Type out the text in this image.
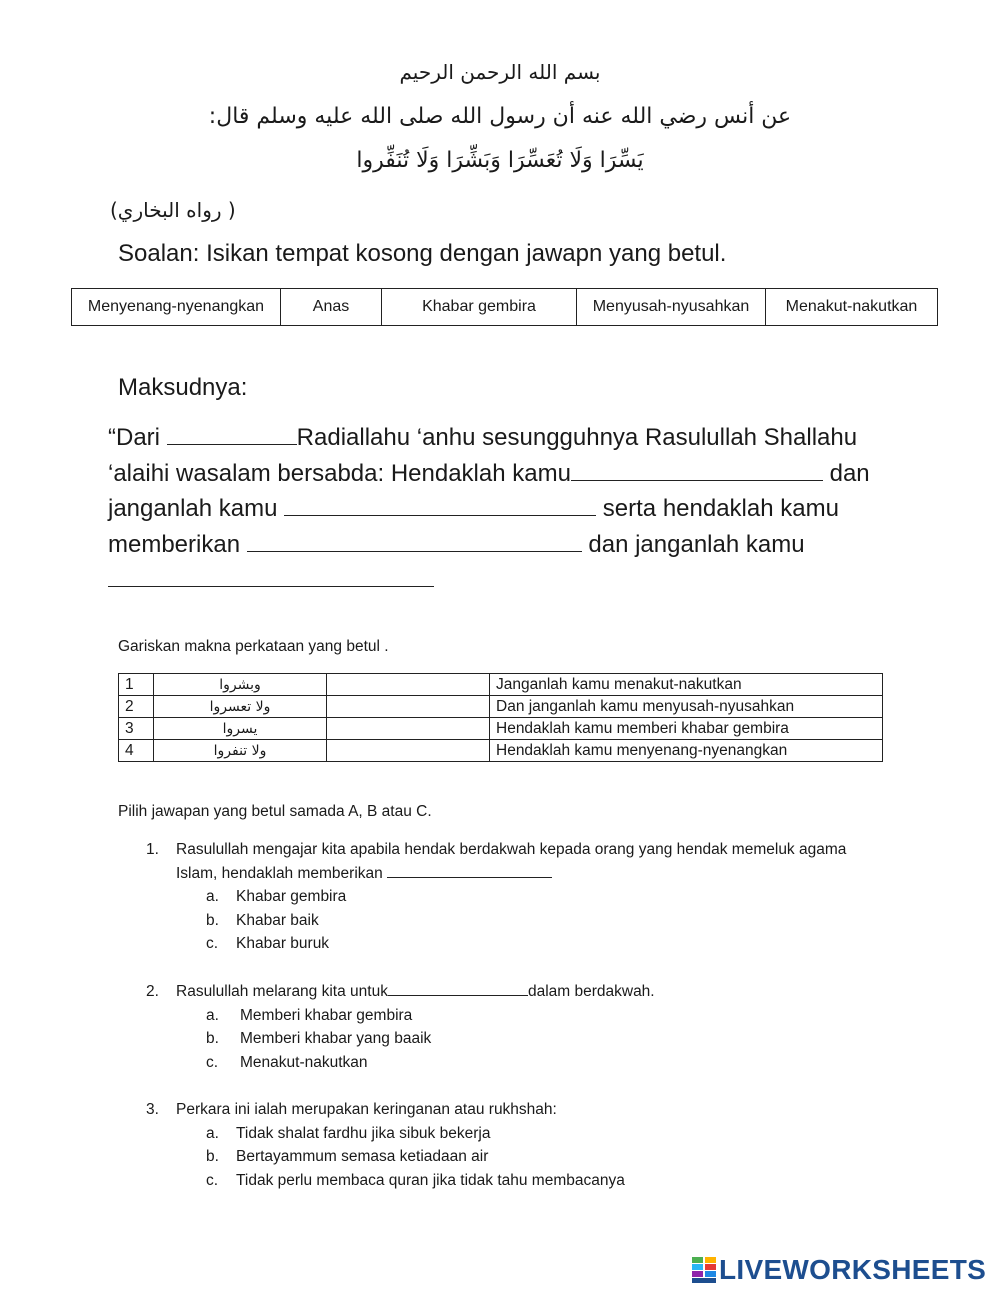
بسم الله الرحمن الرحيم
عن أنس رضي الله عنه أن رسول الله صلى الله عليه وسلم قال:
يَسِّرَا وَلَا تُعَسِّرَا وَبَشِّرَا وَلَا تُنَفِّروا
( رواه البخاري)
Soalan: Isikan tempat kosong dengan jawapn yang betul.
Menyenang-nyenangkan	Anas	Khabar gembira	Menyusah-nyusahkan	Menakut-nakutkan
Maksudnya:
“Dari	Radiallahu ‘anhu sesungguhnya Rasulullah Shallahu
‘alaihi wasalam bersabda: Hendaklah kamu	dan
janganlah kamu	serta hendaklah kamu
memberikan	dan janganlah kamu
Gariskan makna perkataan yang betul .
1	وبشروا		Janganlah kamu menakut-nakutkan
2	ولا تعسروا		Dan janganlah kamu menyusah-nyusahkan
3	يسروا		Hendaklah kamu memberi khabar gembira
4	ولا تنفروا		Hendaklah kamu menyenang-nyenangkan
Pilih jawapan yang betul samada A, B atau C.
1.	Rasulullah mengajar kita apabila hendak berdakwah kepada orang yang hendak memeluk agama
Islam, hendaklah memberikan
a. Khabar gembira
b. Khabar baik
c. Khabar buruk
2.	Rasulullah melarang kita untuk	dalam berdakwah.
a. Memberi khabar gembira
b. Memberi khabar yang baaik
c. Menakut-nakutkan
3.	Perkara ini ialah merupakan keringanan atau rukhshah:
a. Tidak shalat fardhu jika sibuk bekerja
b. Bertayammum semasa ketiadaan air
c. Tidak perlu membaca quran jika tidak tahu membacanya
LIVEWORKSHEETS
